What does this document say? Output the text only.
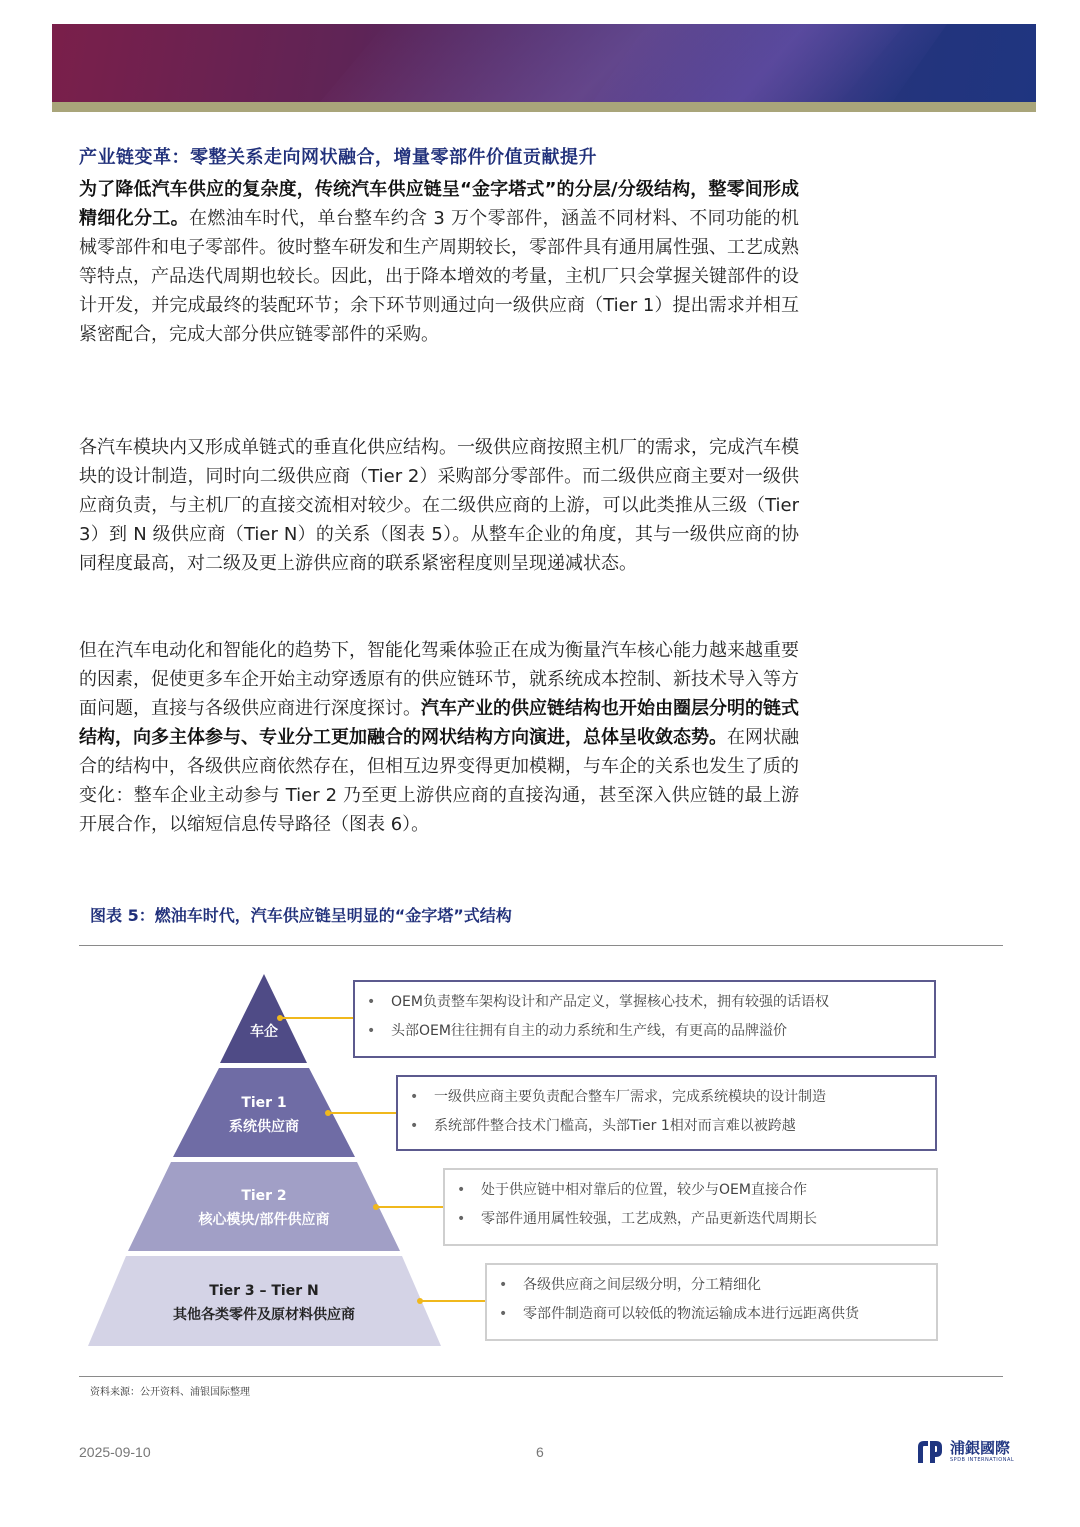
产业链变革：零整关系走向网状融合，增量零部件价值贡献提升
为了降低汽车供应的复杂度，传统汽车供应链呈“金字塔式”的分层/分级结构，整零间形成精细化分工。在燃油车时代，单台整车约含 3 万个零部件，涵盖不同材料、不同功能的机械零部件和电子零部件。彼时整车研发和生产周期较长，零部件具有通用属性强、工艺成熟等特点，产品迭代周期也较长。因此，出于降本增效的考量，主机厂只会掌握关键部件的设计开发，并完成最终的装配环节；余下环节则通过向一级供应商（Tier 1）提出需求并相互紧密配合，完成大部分供应链零部件的采购。
各汽车模块内又形成单链式的垂直化供应结构。一级供应商按照主机厂的需求，完成汽车模块的设计制造，同时向二级供应商（Tier 2）采购部分零部件。而二级供应商主要对一级供应商负责，与主机厂的直接交流相对较少。在二级供应商的上游，可以此类推从三级（Tier 3）到 N 级供应商（Tier N）的关系（图表 5）。从整车企业的角度，其与一级供应商的协同程度最高，对二级及更上游供应商的联系紧密程度则呈现递减状态。
但在汽车电动化和智能化的趋势下，智能化驾乘体验正在成为衡量汽车核心能力越来越重要的因素，促使更多车企开始主动穿透原有的供应链环节，就系统成本控制、新技术导入等方面问题，直接与各级供应商进行深度探讨。汽车产业的供应链结构也开始由圈层分明的链式结构，向多主体参与、专业分工更加融合的网状结构方向演进，总体呈收敛态势。在网状融合的结构中，各级供应商依然存在，但相互边界变得更加模糊，与车企的关系也发生了质的变化：整车企业主动参与 Tier 2 乃至更上游供应商的直接沟通，甚至深入供应链的最上游开展合作，以缩短信息传导路径（图表 6）。
图表 5：燃油车时代，汽车供应链呈明显的“金字塔”式结构
车企
Tier 1
系统供应商
Tier 2
核心模块/部件供应商
Tier 3 – Tier N
其他各类零件及原材料供应商
• OEM负责整车架构设计和产品定义，掌握核心技术，拥有较强的话语权
• 头部OEM往往拥有自主的动力系统和生产线，有更高的品牌溢价
• 一级供应商主要负责配合整车厂需求，完成系统模块的设计制造
• 系统部件整合技术门槛高，头部Tier 1相对而言难以被跨越
• 处于供应链中相对靠后的位置，较少与OEM直接合作
• 零部件通用属性较强，工艺成熟，产品更新迭代周期长
• 各级供应商之间层级分明，分工精细化
• 零部件制造商可以较低的物流运输成本进行远距离供货
资料来源：公开资料、浦银国际整理
2025-09-10	6	浦銀國際
SPDB INTERNATIONAL
